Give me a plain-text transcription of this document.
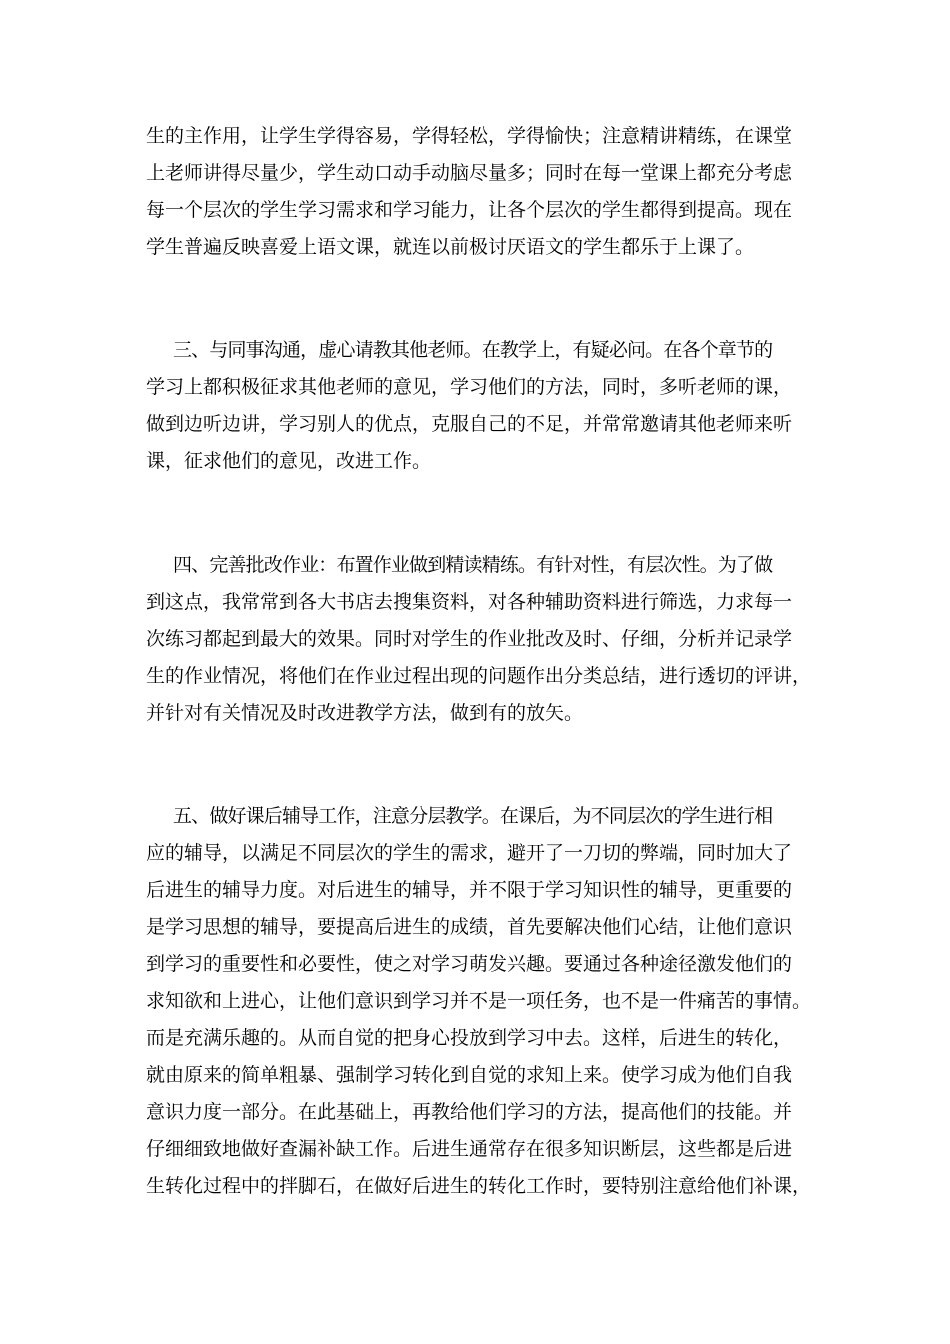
生的主作用，让学生学得容易，学得轻松，学得愉快；注意精讲精练，在课堂

上老师讲得尽量少，学生动口动手动脑尽量多；同时在每一堂课上都充分考虑

每一个层次的学生学习需求和学习能力，让各个层次的学生都得到提高。现在

学生普遍反映喜爱上语文课，就连以前极讨厌语文的学生都乐于上课了。

三、与同事沟通，虚心请教其他老师。在教学上，有疑必问。在各个章节的

学习上都积极征求其他老师的意见，学习他们的方法，同时，多听老师的课，

做到边听边讲，学习别人的优点，克服自己的不足，并常常邀请其他老师来听

课，征求他们的意见，改进工作。

四、完善批改作业：布置作业做到精读精练。有针对性，有层次性。为了做

到这点，我常常到各大书店去搜集资料，对各种辅助资料进行筛选，力求每一

次练习都起到最大的效果。同时对学生的作业批改及时、仔细，分析并记录学

生的作业情况，将他们在作业过程出现的问题作出分类总结，进行透切的评讲，

并针对有关情况及时改进教学方法，做到有的放矢。

五、做好课后辅导工作，注意分层教学。在课后，为不同层次的学生进行相

应的辅导，以满足不同层次的学生的需求，避开了一刀切的弊端，同时加大了

后进生的辅导力度。对后进生的辅导，并不限于学习知识性的辅导，更重要的

是学习思想的辅导，要提高后进生的成绩，首先要解决他们心结，让他们意识

到学习的重要性和必要性，使之对学习萌发兴趣。要通过各种途径激发他们的

求知欲和上进心，让他们意识到学习并不是一项任务，也不是一件痛苦的事情。

而是充满乐趣的。从而自觉的把身心投放到学习中去。这样，后进生的转化，

就由原来的简单粗暴、强制学习转化到自觉的求知上来。使学习成为他们自我

意识力度一部分。在此基础上，再教给他们学习的方法，提高他们的技能。并

仔细细致地做好查漏补缺工作。后进生通常存在很多知识断层，这些都是后进

生转化过程中的拌脚石，在做好后进生的转化工作时，要特别注意给他们补课，
